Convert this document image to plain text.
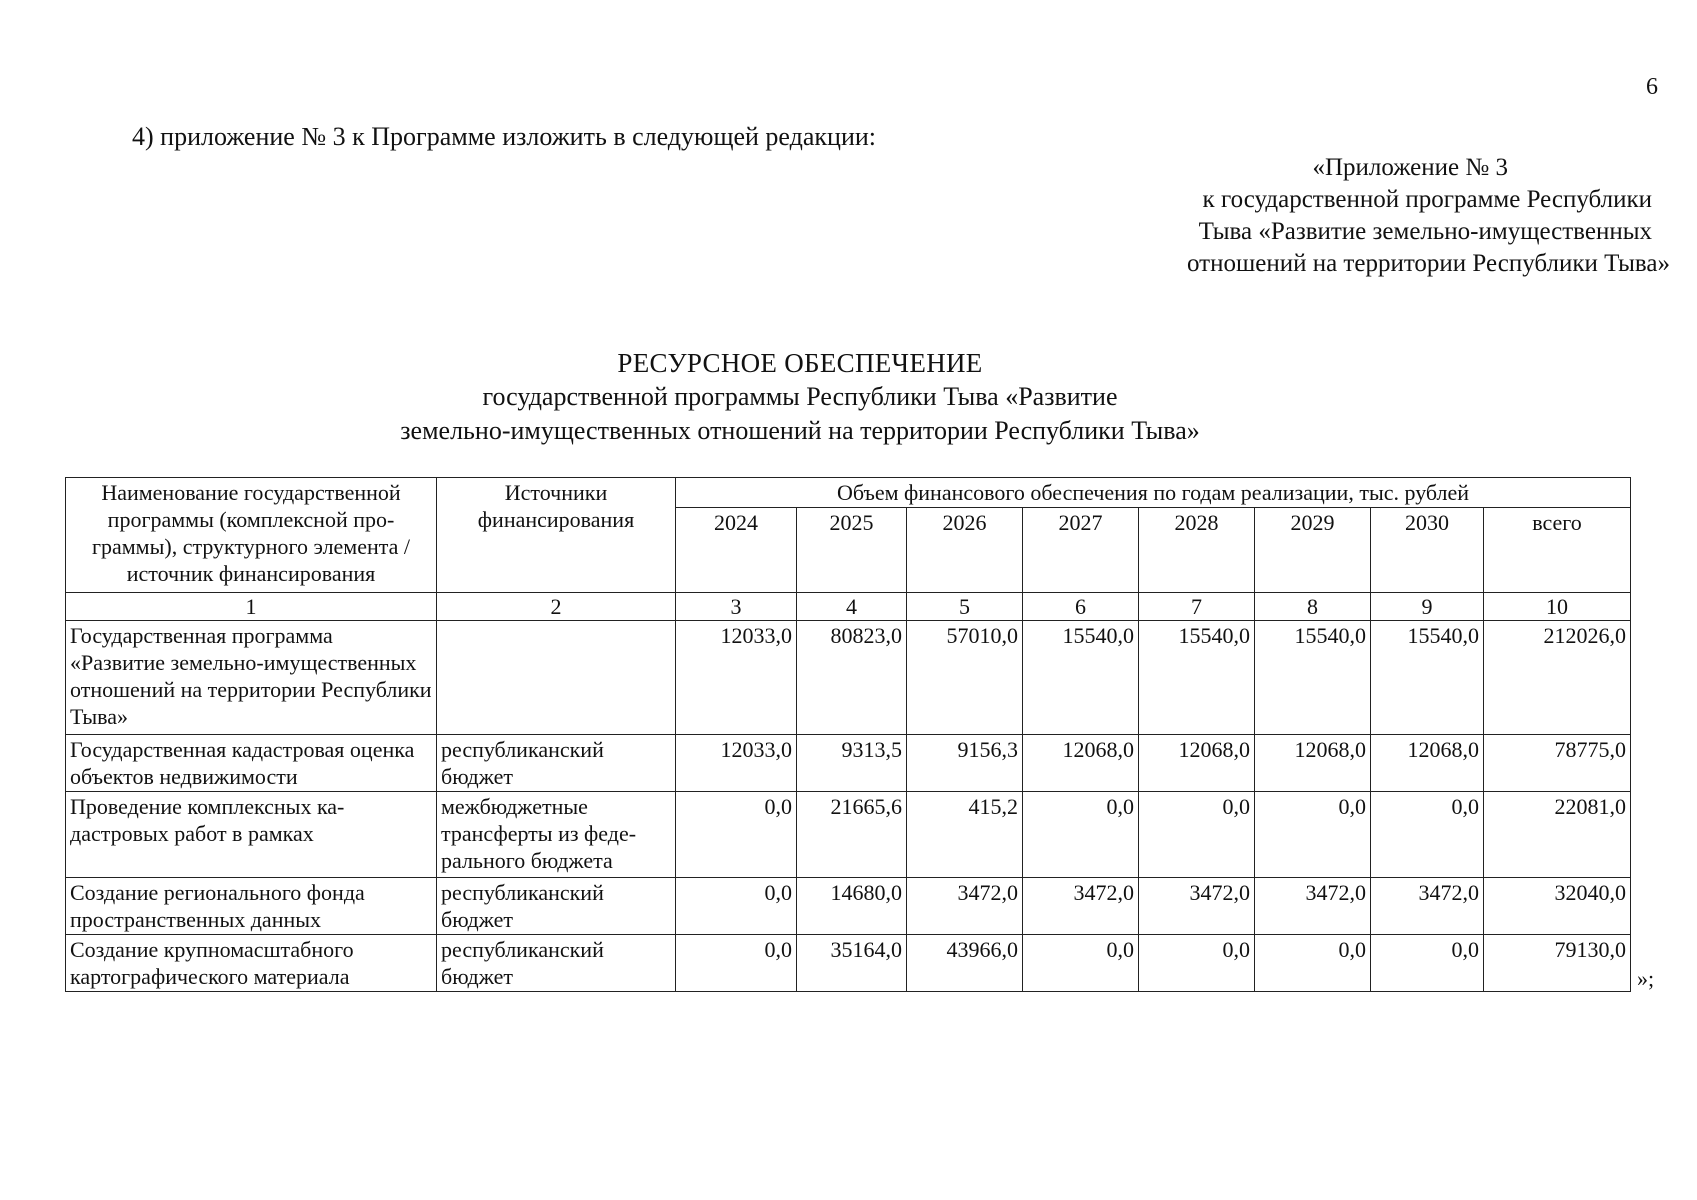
6
4) приложение № 3 к Программе изложить в следующей редакции:
«Приложение № 3
к государственной программе Республики
Тыва «Развитие земельно-имущественных
отношений на территории Республики Тыва»
РЕСУРСНОЕ ОБЕСПЕЧЕНИЕ
государственной программы Республики Тыва «Развитие
земельно-имущественных отношений на территории Республики Тыва»
Наименование государственной программы (комплексной про-граммы), структурного элемента / источник финансирования	Источники финансирования	Объем финансового обеспечения по годам реализации, тыс. рублей							
		2024	2025	2026	2027	2028	2029	2030	всего
1	2	3	4	5	6	7	8	9	10
Государственная программа «Развитие земельно-имущественных отношений на территории Республики Тыва»		12033,0	80823,0	57010,0	15540,0	15540,0	15540,0	15540,0	212026,0
Государственная кадастровая оценка объектов недвижимости	республиканский бюджет	12033,0	9313,5	9156,3	12068,0	12068,0	12068,0	12068,0	78775,0
Проведение комплексных ка-дастровых работ в рамках	межбюджетные трансферты из феде-рального бюджета	0,0	21665,6	415,2	0,0	0,0	0,0	0,0	22081,0
Создание регионального фонда пространственных данных	республиканский бюджет	0,0	14680,0	3472,0	3472,0	3472,0	3472,0	3472,0	32040,0
Создание крупномасштабного картографического материала	республиканский бюджет	0,0	35164,0	43966,0	0,0	0,0	0,0	0,0	79130,0
»;
